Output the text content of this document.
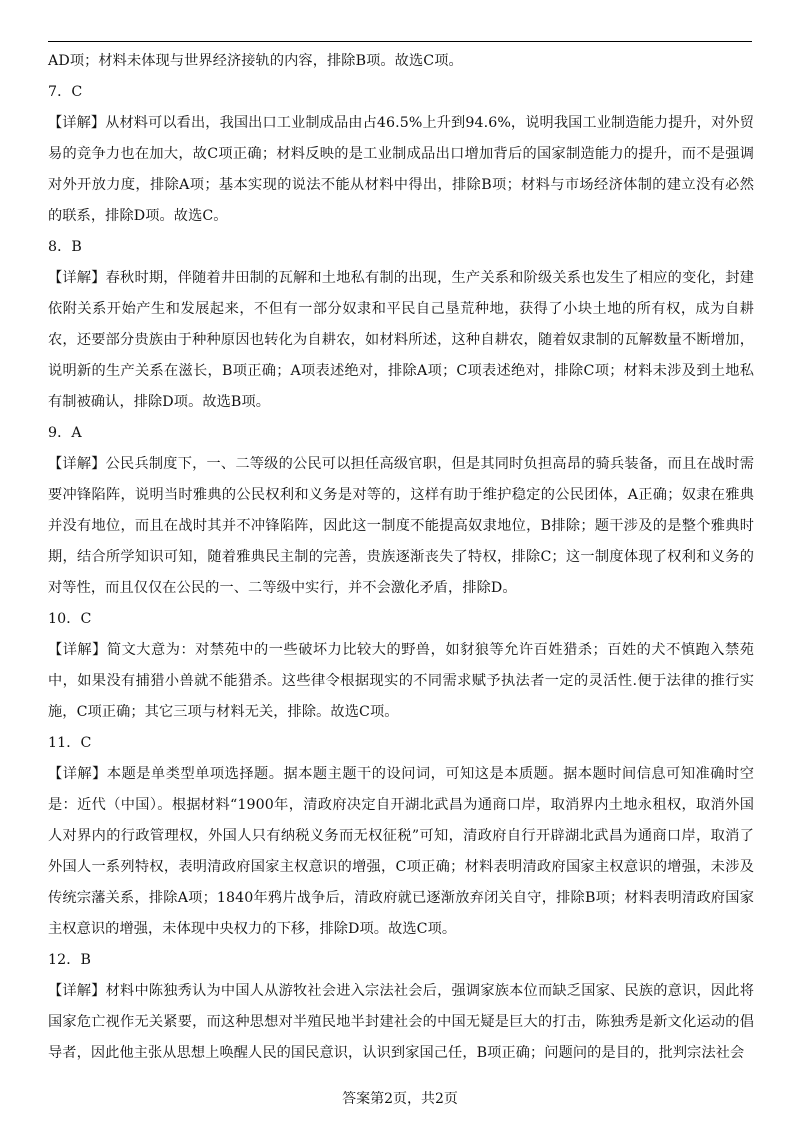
AD项；材料未体现与世界经济接轨的内容，排除B项。故选C项。

7．C

【详解】从材料可以看出，我国出口工业制成品由占46.5%上升到94.6%，说明我国工业制造能力提升，对外贸易的竞争力也在加大，故C项正确；材料反映的是工业制成品出口增加背后的国家制造能力的提升，而不是强调对外开放力度，排除A项；基本实现的说法不能从材料中得出，排除B项；材料与市场经济体制的建立没有必然的联系，排除D项。故选C。

8．B

【详解】春秋时期，伴随着井田制的瓦解和土地私有制的出现，生产关系和阶级关系也发生了相应的变化，封建依附关系开始产生和发展起来，不但有一部分奴隶和平民自己垦荒种地，获得了小块土地的所有权，成为自耕农，还要部分贵族由于种种原因也转化为自耕农，如材料所述，这种自耕农，随着奴隶制的瓦解数量不断增加，说明新的生产关系在滋长，B项正确；A项表述绝对，排除A项；C项表述绝对，排除C项；材料未涉及到土地私有制被确认，排除D项。故选B项。

9．A

【详解】公民兵制度下，一、二等级的公民可以担任高级官职，但是其同时负担高昂的骑兵装备，而且在战时需要冲锋陷阵，说明当时雅典的公民权利和义务是对等的，这样有助于维护稳定的公民团体，A正确；奴隶在雅典并没有地位，而且在战时其并不冲锋陷阵，因此这一制度不能提高奴隶地位，B排除；题干涉及的是整个雅典时期，结合所学知识可知，随着雅典民主制的完善，贵族逐渐丧失了特权，排除C；这一制度体现了权利和义务的对等性，而且仅仅在公民的一、二等级中实行，并不会激化矛盾，排除D。

10．C

【详解】简文大意为：对禁苑中的一些破坏力比较大的野兽，如豺狼等允许百姓猎杀；百姓的犬不慎跑入禁苑中，如果没有捕猎小兽就不能猎杀。这些律令根据现实的不同需求赋予执法者一定的灵活性.便于法律的推行实施，C项正确；其它三项与材料无关，排除。故选C项。

11．C

【详解】本题是单类型单项选择题。据本题主题干的设问词，可知这是本质题。据本题时间信息可知准确时空是：近代（中国）。根据材料“1900年，清政府决定自开湖北武昌为通商口岸，取消界内土地永租权，取消外国人对界内的行政管理权，外国人只有纳税义务而无权征税”可知，清政府自行开辟湖北武昌为通商口岸，取消了外国人一系列特权，表明清政府国家主权意识的增强，C项正确；材料表明清政府国家主权意识的增强，未涉及传统宗藩关系，排除A项；1840年鸦片战争后，清政府就已逐渐放弃闭关自守，排除B项；材料表明清政府国家主权意识的增强，未体现中央权力的下移，排除D项。故选C项。

12．B

【详解】材料中陈独秀认为中国人从游牧社会进入宗法社会后，强调家族本位而缺乏国家、民族的意识，因此将国家危亡视作无关紧要，而这种思想对半殖民地半封建社会的中国无疑是巨大的打击，陈独秀是新文化运动的倡导者，因此他主张从思想上唤醒人民的国民意识，认识到家国己任，B项正确；问题问的是目的，批判宗法社会

答案第2页，共2页
